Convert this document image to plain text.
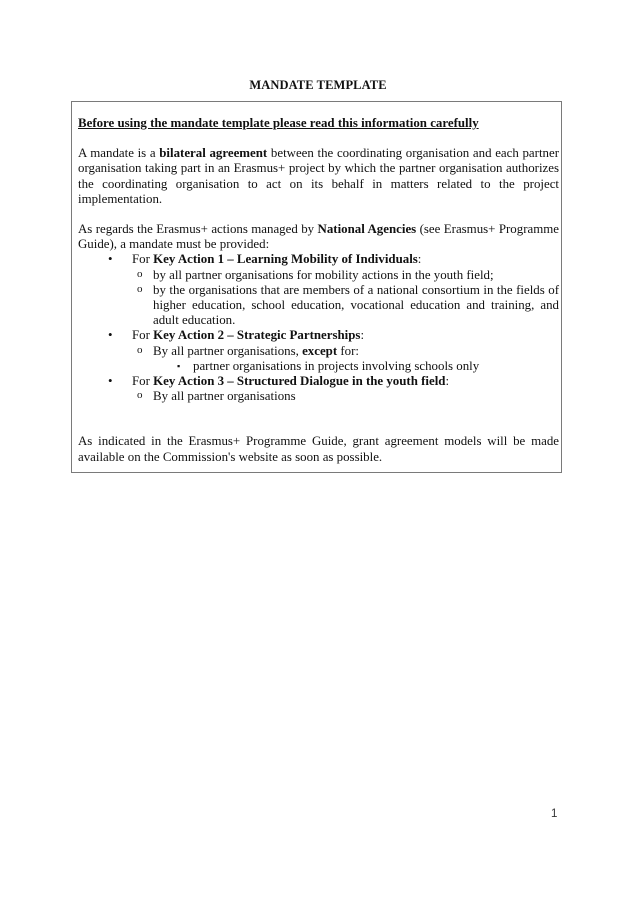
MANDATE TEMPLATE

Before using the mandate template please read this information carefully

A mandate is a bilateral agreement between the coordinating organisation and each partner organisation taking part in an Erasmus+ project by which the partner organisation authorizes the coordinating organisation to act on its behalf in matters related to the project implementation.

As regards the Erasmus+ actions managed by National Agencies (see Erasmus+ Programme Guide), a mandate must be provided:

• For Key Action 1 – Learning Mobility of Individuals:
o by all partner organisations for mobility actions in the youth field;
o by the organisations that are members of a national consortium in the fields of higher education, school education, vocational education and training, and adult education.
• For Key Action 2 – Strategic Partnerships:
o By all partner organisations, except for:
▪ partner organisations in projects involving schools only
• For Key Action 3 – Structured Dialogue in the youth field:
o By all partner organisations

As indicated in the Erasmus+ Programme Guide, grant agreement models will be made available on the Commission's website as soon as possible.

1
